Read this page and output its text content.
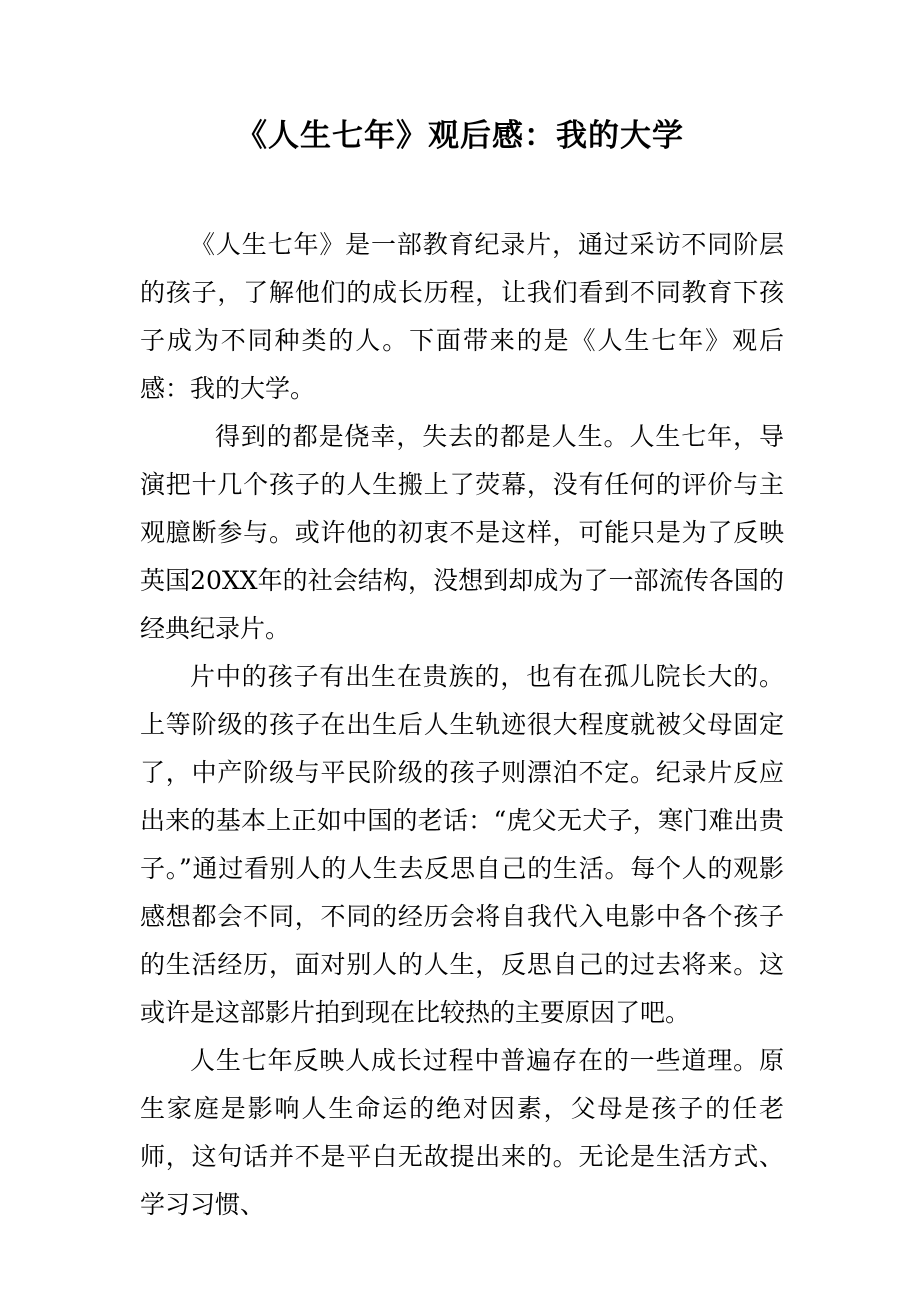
《人生七年》观后感：我的大学

《人生七年》是一部教育纪录片，通过采访不同阶层的孩子，了解他们的成长历程，让我们看到不同教育下孩子成为不同种类的人。下面带来的是《人生七年》观后感：我的大学。

得到的都是侥幸，失去的都是人生。人生七年，导演把十几个孩子的人生搬上了荧幕，没有任何的评价与主观臆断参与。或许他的初衷不是这样，可能只是为了反映英国20XX年的社会结构，没想到却成为了一部流传各国的经典纪录片。

片中的孩子有出生在贵族的，也有在孤儿院长大的。上等阶级的孩子在出生后人生轨迹很大程度就被父母固定了，中产阶级与平民阶级的孩子则漂泊不定。纪录片反应出来的基本上正如中国的老话：“虎父无犬子，寒门难出贵子。”通过看别人的人生去反思自己的生活。每个人的观影感想都会不同，不同的经历会将自我代入电影中各个孩子的生活经历，面对别人的人生，反思自己的过去将来。这或许是这部影片拍到现在比较热的主要原因了吧。

人生七年反映人成长过程中普遍存在的一些道理。原生家庭是影响人生命运的绝对因素，父母是孩子的任老师，这句话并不是平白无故提出来的。无论是生活方式、学习习惯、
